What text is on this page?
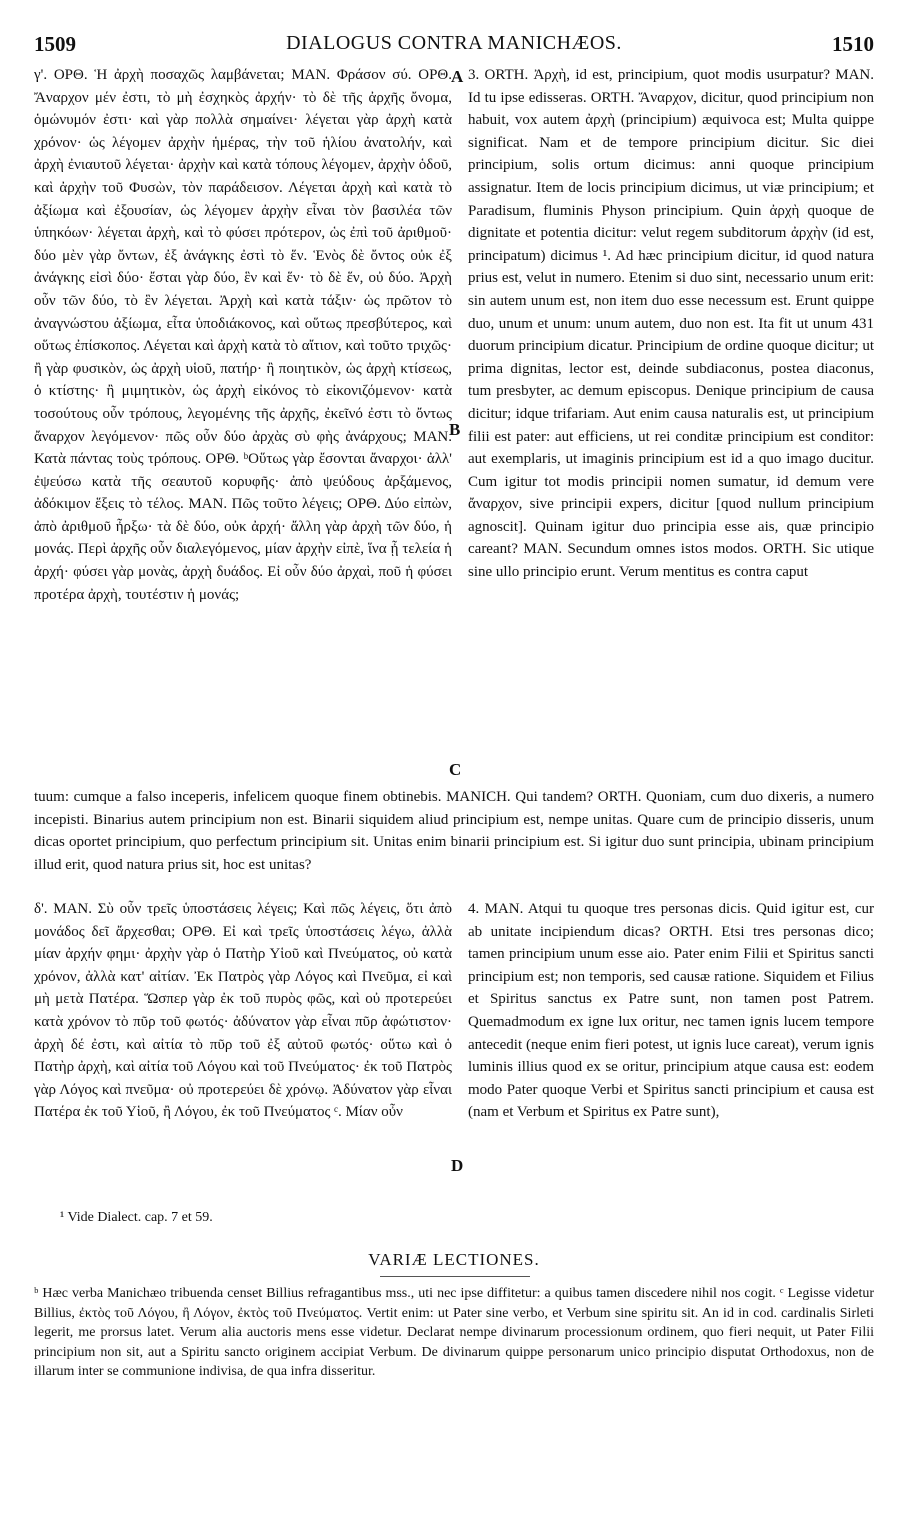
1509	DIALOGUS CONTRA MANICHÆOS.	1510

γ'. ΟΡΘ. Ἡ ἀρχὴ ποσαχῶς λαμβάνεται; ΜΑΝ. Φράσον σύ. ΟΡΘ. Ἄναρχον μέν ἐστι, τὸ μὴ ἐσχηκὸς ἀρχήν· τὸ δὲ τῆς ἀρχῆς ὄνομα, ὁμώνυμόν ἐστι· καὶ γὰρ πολλὰ σημαίνει· λέγεται γὰρ ἀρχὴ κατὰ χρόνον· ὡς λέγομεν ἀρχὴν ἡμέρας, τὴν τοῦ ἡλίου ἀνατολήν, καὶ ἀρχὴ ἐνιαυτοῦ λέγεται· ἀρχὴν καὶ κατὰ τόπους λέγομεν, ἀρχὴν ὁδοῦ, καὶ ἀρχὴν τοῦ Φυσὼν, τὸν παράδεισον. Λέγεται ἀρχὴ καὶ κατὰ τὸ ἀξίωμα καὶ ἐξουσίαν, ὡς λέγομεν ἀρχὴν εἶναι τὸν βασιλέα τῶν ὑπηκόων· λέγεται ἀρχὴ, καὶ τὸ φύσει πρότερον, ὡς ἐπὶ τοῦ ἀριθμοῦ· δύο μὲν γὰρ ὄντων, ἐξ ἀνάγκης ἐστὶ τὸ ἕν. Ἑνὸς δὲ ὄντος οὐκ ἐξ ἀνάγκης εἰσὶ δύο· ἔσται γὰρ δύο, ἓν καὶ ἕν· τὸ δὲ ἕν, οὐ δύο. Ἀρχὴ οὖν τῶν δύο, τὸ ἓν λέγεται. Ἀρχὴ καὶ κατὰ τάξιν· ὡς πρῶτον τὸ ἀναγνώστου ἀξίωμα, εἶτα ὑποδιάκονος, καὶ οὕτως πρεσβύτερος, καὶ οὕτως ἐπίσκοπος. Λέγεται καὶ ἀρχὴ κατὰ τὸ αἴτιον, καὶ τοῦτο τριχῶς· ἢ γὰρ φυσικὸν, ὡς ἀρχὴ υἱοῦ, πατήρ· ἢ ποιητικὸν, ὡς ἀρχὴ κτίσεως, ὁ κτίστης· ἢ μιμητικὸν, ὡς ἀρχὴ εἰκόνος τὸ εἰκονιζόμενον· κατὰ τοσούτους οὖν τρόπους, λεγομένης τῆς ἀρχῆς, ἐκεῖνό ἐστι τὸ ὄντως ἄναρχον λεγόμενον· πῶς οὖν δύο ἀρχὰς σὺ φὴς ἀνάρχους; ΜΑΝ. Κατὰ πάντας τοὺς τρόπους. ΟΡΘ. ᵇΟὕτως γὰρ ἔσονται ἄναρχοι· ἀλλ' ἐψεύσω κατὰ τῆς σεαυτοῦ κορυφῆς· ἀπὸ ψεύδους ἀρξάμενος, ἀδόκιμον ἕξεις τὸ τέλος. ΜΑΝ. Πῶς τοῦτο λέγεις; ΟΡΘ. Δύο εἰπὼν, ἀπὸ ἀριθμοῦ ἦρξω· τὰ δὲ δύο, οὐκ ἀρχή· ἄλλη γὰρ ἀρχὴ τῶν δύο, ἡ μονάς. Περὶ ἀρχῆς οὖν διαλεγόμενος, μίαν ἀρχὴν εἰπὲ, ἵνα ᾖ τελεία ἡ ἀρχή· φύσει γὰρ μονὰς, ἀρχὴ δυάδος. Εἰ οὖν δύο ἀρχαὶ, ποῦ ἡ φύσει προτέρα ἀρχὴ, τουτέστιν ἡ μονάς;

3. ORTH. Ἀρχὴ, id est, principium, quot modis usurpatur? MAN. Id tu ipse edisseras. ORTH. Ἄναρχον, dicitur, quod principium non habuit, vox autem ἀρχὴ (principium) æquivoca est; Multa quippe significat. Nam et de tempore principium dicitur. Sic diei principium, solis ortum dicimus: anni quoque principium assignatur. Item de locis principium dicimus, ut viæ principium; et Paradisum, fluminis Physon principium. Quin ἀρχὴ quoque de dignitate et potentia dicitur: velut regem subditorum ἀρχὴν (id est, principatum) dicimus ¹. Ad hæc principium dicitur, id quod natura prius est, velut in numero. Etenim si duo sint, necessario unum erit: sin autem unum est, non item duo esse necessum est. Erunt quippe duo, unum et unum: unum autem, duo non est. Ita fit ut unum 431 duorum principium dicatur. Principium de ordine quoque dicitur; ut prima dignitas, lector est, deinde subdiaconus, postea diaconus, tum presbyter, ac demum episcopus. Denique principium de causa dicitur; idque trifariam. Aut enim causa naturalis est, ut principium filii est pater: aut efficiens, ut rei conditæ principium est conditor: aut exemplaris, ut imaginis principium est id a quo imago ducitur. Cum igitur tot modis principii nomen sumatur, id demum vere ἄναρχον, sive principii expers, dicitur [quod nullum principium agnoscit]. Quinam igitur duo principia esse ais, quæ principio careant? MAN. Secundum omnes istos modos. ORTH. Sic utique sine ullo principio erunt. Verum mentitus es contra caput

A
B
C
D
tuum: cumque a falso inceperis, infelicem quoque finem obtinebis. MANICH. Qui tandem? ORTH. Quoniam, cum duo dixeris, a numero incepisti. Binarius autem principium non est. Binarii siquidem aliud principium est, nempe unitas. Quare cum de principio disseris, unum dicas oportet principium, quo perfectum principium sit. Unitas enim binarii principium est. Si igitur duo sunt principia, ubinam principium illud erit, quod natura prius sit, hoc est unitas?

δ'. ΜΑΝ. Σὺ οὖν τρεῖς ὑποστάσεις λέγεις; Καὶ πῶς λέγεις, ὅτι ἀπὸ μονάδος δεῖ ἄρχεσθαι; ΟΡΘ. Εἰ καὶ τρεῖς ὑποστάσεις λέγω, ἀλλὰ μίαν ἀρχήν φημι· ἀρχὴν γὰρ ὁ Πατὴρ Υἱοῦ καὶ Πνεύματος, οὐ κατὰ χρόνον, ἀλλὰ κατ' αἰτίαν. Ἐκ Πατρὸς γὰρ Λόγος καὶ Πνεῦμα, εἰ καὶ μὴ μετὰ Πατέρα. Ὥσπερ γὰρ ἐκ τοῦ πυρὸς φῶς, καὶ οὐ προτερεύει κατὰ χρόνον τὸ πῦρ τοῦ φωτός· ἀδύνατον γὰρ εἶναι πῦρ ἀφώτιστον· ἀρχὴ δέ ἐστι, καὶ αἰτία τὸ πῦρ τοῦ ἐξ αὐτοῦ φωτός· οὕτω καὶ ὁ Πατὴρ ἀρχὴ, καὶ αἰτία τοῦ Λόγου καὶ τοῦ Πνεύματος· ἐκ τοῦ Πατρὸς γὰρ Λόγος καὶ πνεῦμα· οὐ προτερεύει δὲ χρόνῳ. Ἀδύνατον γὰρ εἶναι Πατέρα ἐκ τοῦ Υἱοῦ, ἢ Λόγου, ἐκ τοῦ Πνεύματος ᶜ. Μίαν οὖν

4. MAN. Atqui tu quoque tres personas dicis. Quid igitur est, cur ab unitate incipiendum dicas? ORTH. Etsi tres personas dico; tamen principium unum esse aio. Pater enim Filii et Spiritus sancti principium est; non temporis, sed causæ ratione. Siquidem et Filius et Spiritus sanctus ex Patre sunt, non tamen post Patrem. Quemadmodum ex igne lux oritur, nec tamen ignis lucem tempore antecedit (neque enim fieri potest, ut ignis luce careat), verum ignis luminis illius quod ex se oritur, principium atque causa est: eodem modo Pater quoque Verbi et Spiritus sancti principium et causa est (nam et Verbum et Spiritus ex Patre sunt),

¹ Vide Dialect. cap. 7 et 59.
VARIÆ LECTIONES.
ᵇ Hæc verba Manichæo tribuenda censet Billius refragantibus mss., uti nec ipse diffitetur: a quibus tamen discedere nihil nos cogit. ᶜ Legisse videtur Billius, ἐκτὸς τοῦ Λόγου, ἢ Λόγον, ἐκτὸς τοῦ Πνεύματος. Vertit enim: ut Pater sine verbo, et Verbum sine spiritu sit. An id in cod. cardinalis Sirleti legerit, me prorsus latet. Verum alia auctoris mens esse videtur. Declarat nempe divinarum processionum ordinem, quo fieri nequit, ut Pater Filii principium non sit, aut a Spiritu sancto originem accipiat Verbum. De divinarum quippe personarum unico principio disputat Orthodoxus, non de illarum inter se communione indivisa, de qua infra disseritur.
